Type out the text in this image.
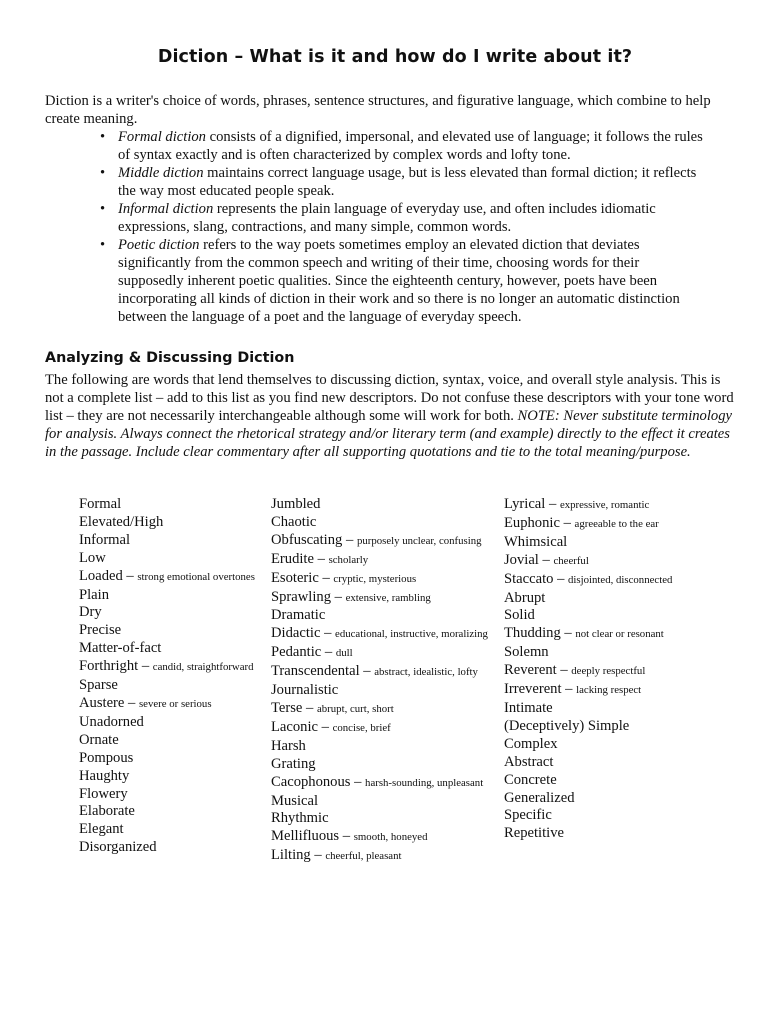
Diction – What is it and how do I write about it?

Diction is a writer's choice of words, phrases, sentence structures, and figurative language, which combine to help create meaning.

• Formal diction consists of a dignified, impersonal, and elevated use of language; it follows the rules of syntax exactly and is often characterized by complex words and lofty tone.
• Middle diction maintains correct language usage, but is less elevated than formal diction; it reflects the way most educated people speak.
• Informal diction represents the plain language of everyday use, and often includes idiomatic expressions, slang, contractions, and many simple, common words.
• Poetic diction refers to the way poets sometimes employ an elevated diction that deviates significantly from the common speech and writing of their time, choosing words for their supposedly inherent poetic qualities. Since the eighteenth century, however, poets have been incorporating all kinds of diction in their work and so there is no longer an automatic distinction between the language of a poet and the language of everyday speech.
Analyzing & Discussing Diction

The following are words that lend themselves to discussing diction, syntax, voice, and overall style analysis. This is not a complete list – add to this list as you find new descriptors. Do not confuse these descriptors with your tone word list – they are not necessarily interchangeable although some will work for both. NOTE: Never substitute terminology for analysis. Always connect the rhetorical strategy and/or literary term (and example) directly to the effect it creates in the passage. Include clear commentary after all supporting quotations and tie to the total meaning/purpose.

Formal
Elevated/High
Informal
Low
Loaded – strong emotional overtones
Plain
Dry
Precise
Matter-of-fact
Forthright – candid, straightforward
Sparse
Austere – severe or serious
Unadorned
Ornate
Pompous
Haughty
Flowery
Elaborate
Elegant
Disorganized
Jumbled
Chaotic
Obfuscating – purposely unclear, confusing
Erudite – scholarly
Esoteric – cryptic, mysterious
Sprawling – extensive, rambling
Dramatic
Didactic – educational, instructive, moralizing
Pedantic – dull
Transcendental – abstract, idealistic, lofty
Journalistic
Terse – abrupt, curt, short
Laconic – concise, brief
Harsh
Grating
Cacophonous – harsh-sounding, unpleasant
Musical
Rhythmic
Mellifluous – smooth, honeyed
Lilting – cheerful, pleasant
Lyrical – expressive, romantic
Euphonic – agreeable to the ear
Whimsical
Jovial – cheerful
Staccato – disjointed, disconnected
Abrupt
Solid
Thudding – not clear or resonant
Solemn
Reverent – deeply respectful
Irreverent – lacking respect
Intimate
(Deceptively) Simple
Complex
Abstract
Concrete
Generalized
Specific
Repetitive
